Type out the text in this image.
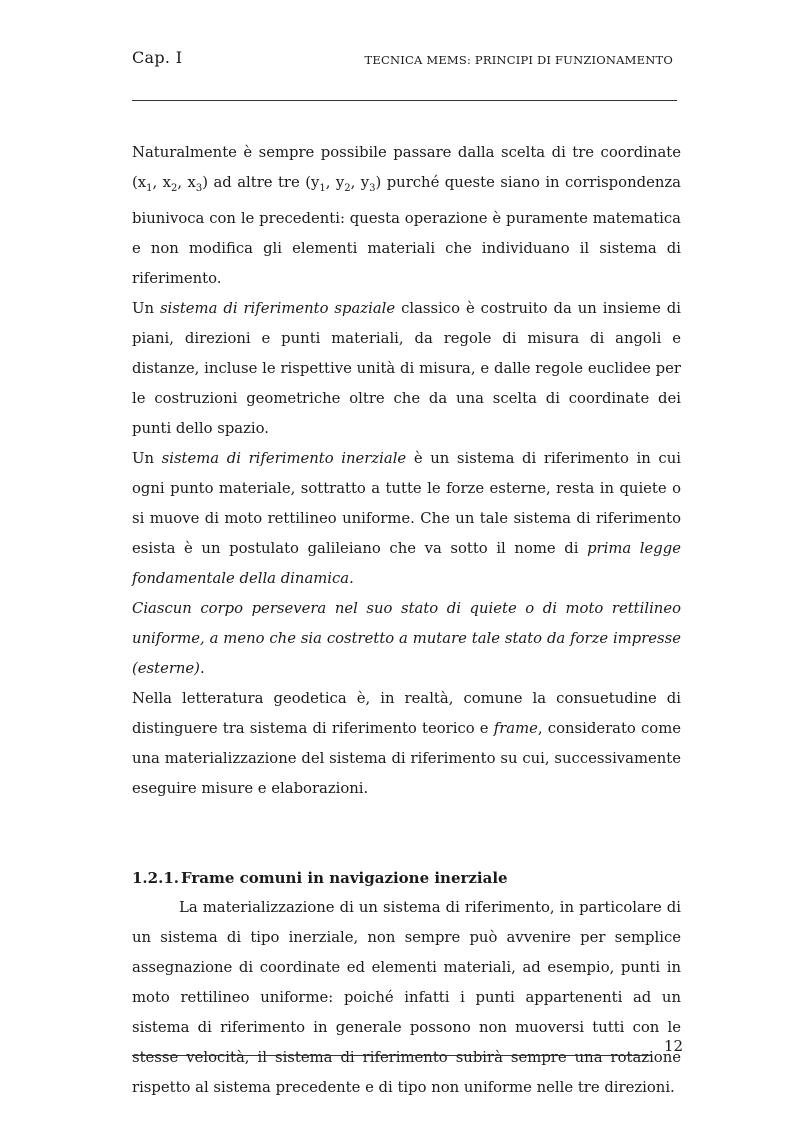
Cap. I	TECNICA MEMS: PRINCIPI DI FUNZIONAMENTO

Naturalmente è sempre possibile passare dalla scelta di tre coordinate ($x_1$, $x_2$, $x_3$) ad altre tre ($y_1$, $y_2$, $y_3$) purché queste siano in corrispondenza biunivoca con le precedenti: questa operazione è puramente matematica e non modifica gli elementi materiali che individuano il sistema di riferimento.

Un sistema di riferimento spaziale classico è costruito da un insieme di piani, direzioni e punti materiali, da regole di misura di angoli e distanze, incluse le rispettive unità di misura, e dalle regole euclidee per le costruzioni geometriche oltre che da una scelta di coordinate dei punti dello spazio.

Un sistema di riferimento inerziale è un sistema di riferimento in cui ogni punto materiale, sottratto a tutte le forze esterne, resta in quiete o si muove di moto rettilineo uniforme. Che un tale sistema di riferimento esista è un postulato galileiano che va sotto il nome di prima legge fondamentale della dinamica.

Ciascun corpo persevera nel suo stato di quiete o di moto rettilineo uniforme, a meno che sia costretto a mutare tale stato da forze impresse (esterne).

Nella letteratura geodetica è, in realtà, comune la consuetudine di distinguere tra sistema di riferimento teorico e frame, considerato come una materializzazione del sistema di riferimento su cui, successivamente eseguire misure e elaborazioni.

1.2.1. Frame comuni in navigazione inerziale

La materializzazione di un sistema di riferimento, in particolare di un sistema di tipo inerziale, non sempre può avvenire per semplice assegnazione di coordinate ed elementi materiali, ad esempio, punti in moto rettilineo uniforme: poiché infatti i punti appartenenti ad un sistema di riferimento in generale possono non muoversi tutti con le stesse velocità, il sistema di riferimento subirà sempre una rotazione rispetto al sistema precedente e di tipo non uniforme nelle tre direzioni.

12
